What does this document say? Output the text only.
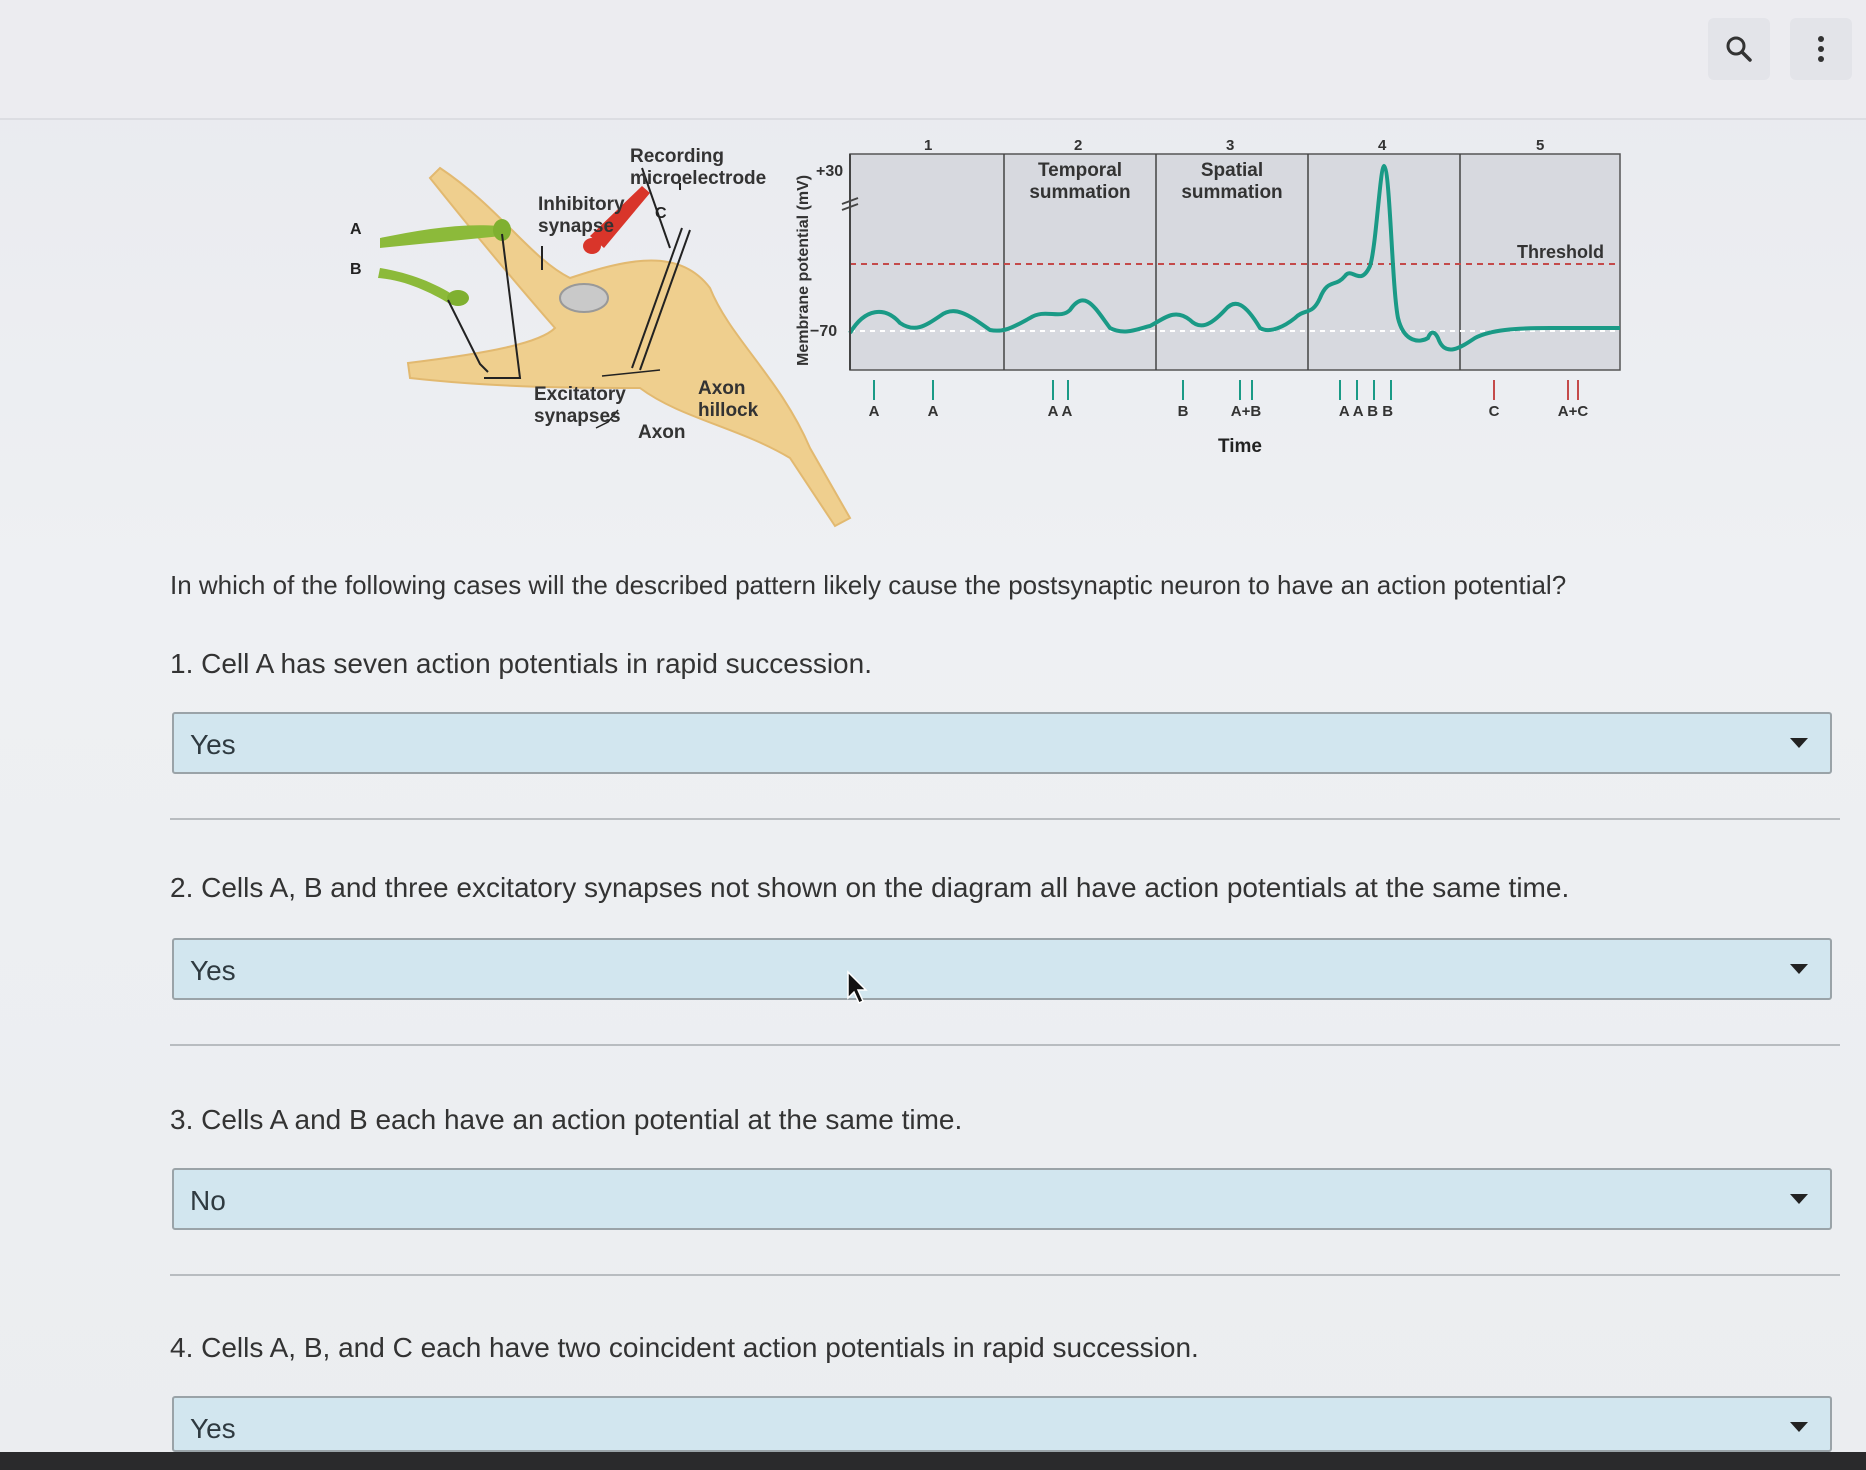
A
B
C
Recording microelectrode
Inhibitory synapse
Excitatory synapses
Axon hillock
Axon
Membrane potential (mV)
+30
−70
Threshold
1	2	3	4	5
Temporal summation
Spatial summation
A	A	A A	B	A+B	A A B B	C	A+C
Time
In which of the following cases will the described pattern likely cause the postsynaptic neuron to have an action potential?
1. Cell A has seven action potentials in rapid succession.
Yes
2. Cells A, B and three excitatory synapses not shown on the diagram all have action potentials at the same time.
Yes
3. Cells A and B each have an action potential at the same time.
No
4. Cells A, B, and C each have two coincident action potentials in rapid succession.
Yes
